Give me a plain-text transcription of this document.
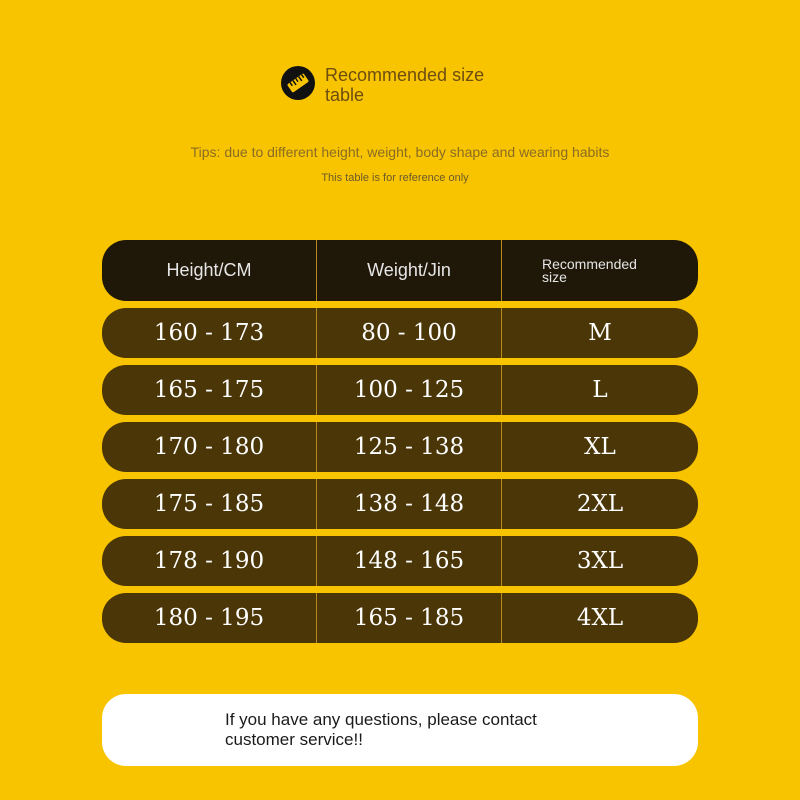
Recommended size table
Tips: due to different height, weight, body shape and wearing habits
This table is for reference only
Height/CM	Weight/Jin	Recommended size
160 - 173	80 - 100	M
165 - 175	100 - 125	L
170 - 180	125 - 138	XL
175 - 185	138 - 148	2XL
178 - 190	148 - 165	3XL
180 - 195	165 - 185	4XL
If you have any questions, please contact customer service!!
